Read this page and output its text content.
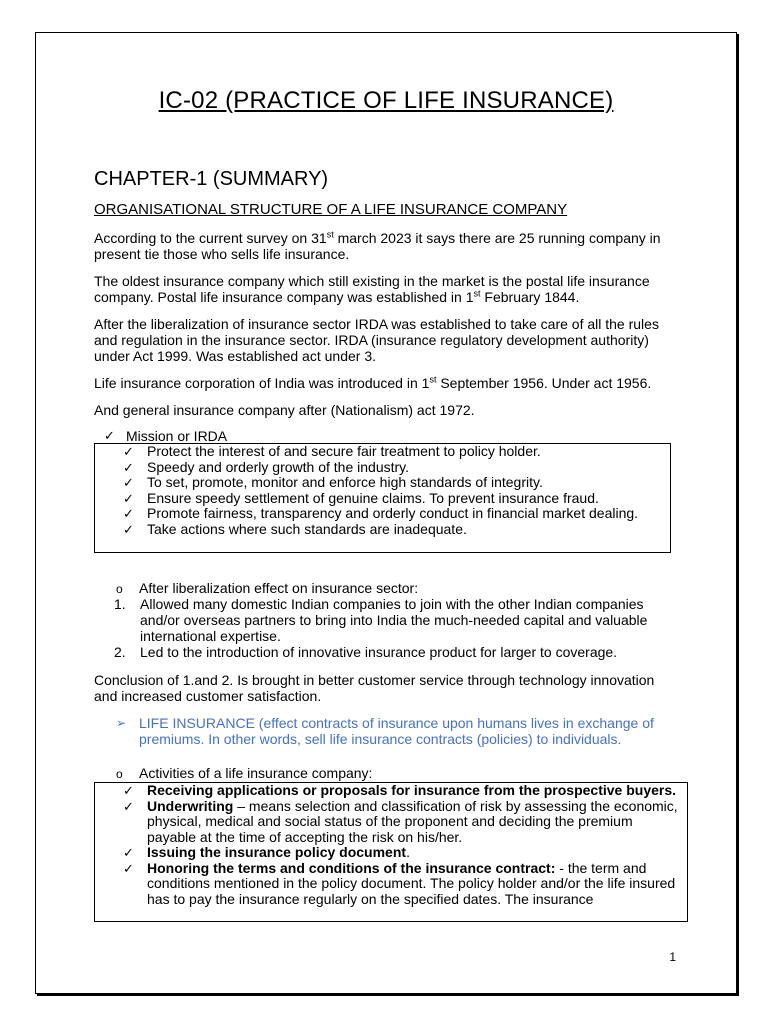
IC-02 (PRACTICE OF LIFE INSURANCE)
CHAPTER-1 (SUMMARY)
ORGANISATIONAL STRUCTURE OF A LIFE INSURANCE COMPANY

According to the current survey on 31st march 2023 it says there are 25 running company in present tie those who sells life insurance.

The oldest insurance company which still existing in the market is the postal life insurance company. Postal life insurance company was established in 1st February 1844.

After the liberalization of insurance sector IRDA was established to take care of all the rules and regulation in the insurance sector. IRDA (insurance regulatory development authority) under Act 1999. Was established act under 3.

Life insurance corporation of India was introduced in 1st September 1956. Under act 1956.

And general insurance company after (Nationalism) act 1972.

✓ Mission or IRDA
✓ Protect the interest of and secure fair treatment to policy holder.
✓ Speedy and orderly growth of the industry.
✓ To set, promote, monitor and enforce high standards of integrity.
✓ Ensure speedy settlement of genuine claims. To prevent insurance fraud.
✓ Promote fairness, transparency and orderly conduct in financial market dealing.
✓ Take actions where such standards are inadequate.
o After liberalization effect on insurance sector:
1.	Allowed many domestic Indian companies to join with the other Indian companies and/or overseas partners to bring into India the much-needed capital and valuable international expertise.
2.	Led to the introduction of innovative insurance product for larger to coverage.

Conclusion of 1.and 2. Is brought in better customer service through technology innovation and increased customer satisfaction.

➢ LIFE INSURANCE (effect contracts of insurance upon humans lives in exchange of premiums. In other words, sell life insurance contracts (policies) to individuals.
o Activities of a life insurance company:
✓ Receiving applications or proposals for insurance from the prospective buyers.
✓ Underwriting – means selection and classification of risk by assessing the economic, physical, medical and social status of the proponent and deciding the premium payable at the time of accepting the risk on his/her.
✓ Issuing the insurance policy document.
✓ Honoring the terms and conditions of the insurance contract: - the term and conditions mentioned in the policy document. The policy holder and/or the life insured has to pay the insurance regularly on the specified dates. The insurance
1
